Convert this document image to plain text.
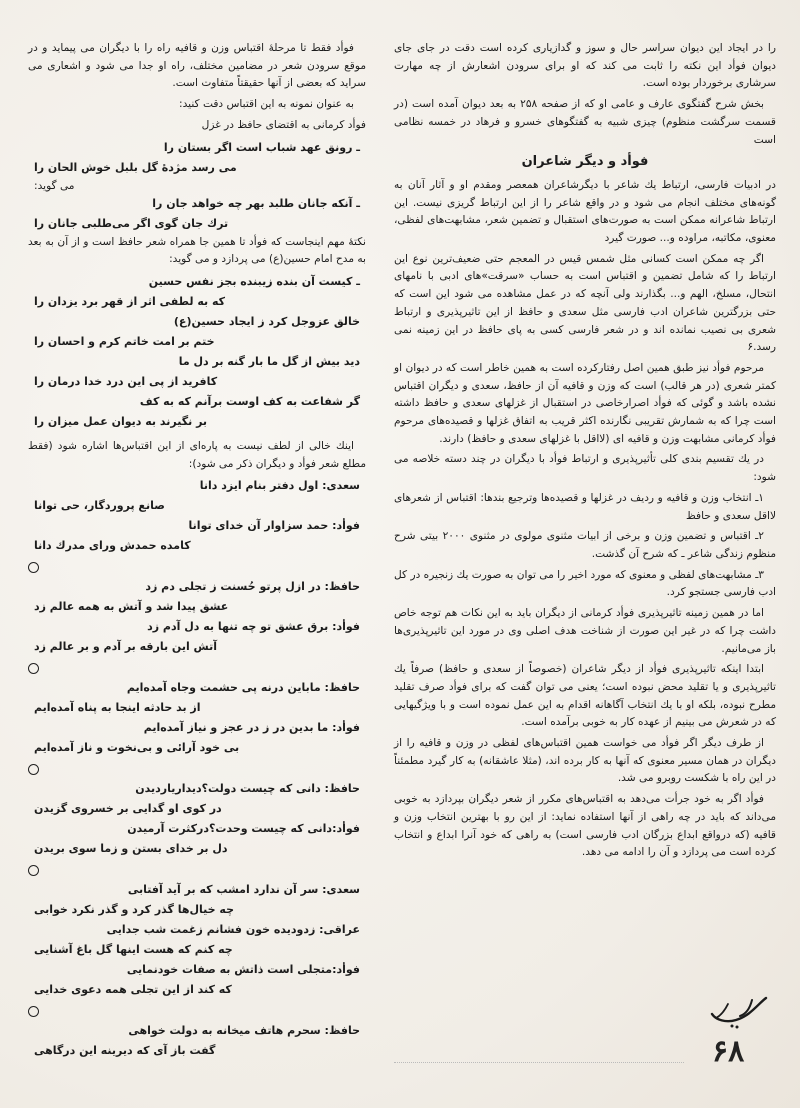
را در ایجاد این دیوان سراسر حال و سوز و گدازیاری کرده است دقت در جای جای دیوان فوأد این نکته را ثابت می کند که او برای سرودن اشعارش از چه مهارت سرشاری برخوردار بوده است.

بخش شرح گفتگوی عارف و عامی او که از صفحه ۲۵۸ به بعد دیوان آمده است (در قسمت سرگشت منظوم) چیزی شبیه به گفتگوهای خسرو و فرهاد در خمسه نظامی است

فوأد و دیگر شاعران

در ادبیات فارسی، ارتباط یك شاعر با دیگرشاعران همعصر ومقدم او و آثار آنان به گونه‌های مختلف انجام می شود و در واقع شاعر را از این ارتباط گریزی نیست. این ارتباط شاعرانه ممکن است به صورت‌های استقبال و تضمین شعر، مشابهت‌های لفظی، معنوی، مکاتبه، مراوده و... صورت گیرد

اگر چه ممکن است کسانی مثل شمس قیس در المعجم حتی ضعیف‌ترین نوع این ارتباط را که شامل تضمین و اقتباس است به حساب «سرقت»های ادبی با نامهای انتحال، مسلخ، الهم و... بگذارند ولی آنچه که در عمل مشاهده می شود این است که حتی بزرگترین شاعران ادب فارسی مثل سعدی و حافظ از این تاثیرپذیری و ارتباط شعری بی نصیب نمانده اند و در شعر فارسی کسی به پای حافظ در این زمینه نمی رسد.۶

مرحوم فوأد نیز طبق همین اصل رفتارکرده است به همین خاطر است که در دیوان او کمتر شعری (در هر قالب) است که وزن و قافیه آن از حافظ، سعدی و دیگران اقتباس نشده باشد و گوئی که فوأد اصرارخاصی در استقبال از غزلهای سعدی و حافظ داشته است چرا که به شمارش تقریبی نگارنده اکثر قریب به اتفاق غزلها و قصیده‌های مرحوم فوأد کرمانی مشابهت وزن و قافیه ای (لااقل با غزلهای سعدی و حافظ) دارند.

در یك تقسیم بندی کلی تأثیرپذیری و ارتباط فوأد با دیگران در چند دسته خلاصه می شود:

۱ـ انتخاب وزن و قافیه و ردیف در غزلها و قصیده‌ها وترجیع بندها: اقتباس از شعرهای لااقل سعدی و حافظ

۲ـ اقتباس و تضمین وزن و برخی از ابیات مثنوی مولوی در مثنوی ۲۰۰۰ بیتی شرح منظوم زندگی شاعر ـ که شرح آن گذشت.

۳ـ مشابهت‌های لفظی و معنوی که مورد اخیر را می توان به صورت یك زنجیره در کل ادب فارسی جستجو کرد.

اما در همین زمینه تاثیرپذیری فوأد کرمانی از دیگران باید به این نکات هم توجه خاص داشت چرا که در غیر این صورت از شناخت هدف اصلی وی در مورد این تاثیرپذیری‌ها باز می‌مانیم.

ابتدا اینکه تاثیرپذیری فوأد از دیگر شاعران (خصوصاً از سعدی و حافظ) صرفاً یك تاثیرپذیری و یا تقلید محض نبوده است؛ یعنی می توان گفت که برای فوأد صرف تقلید مطرح نبوده، بلکه او با یك انتخاب آگاهانه اقدام به این عمل نموده است و با ویژگیهایی که در شعرش می بینیم از عهده کار به خوبی برآمده است.

از طرف دیگر اگر فوأد می خواست همین اقتباس‌های لفظی در وزن و قافیه را از دیگران در همان مسیر معنوی که آنها به کار برده اند، (مثلا عاشقانه) به کار گیرد مطمئناً در این راه با شکست روبرو می شد.

فوأد اگر به خود جرأت می‌دهد به اقتباس‌های مکرر از شعر دیگران بپردازد به خوبی می‌داند که باید در چه راهی از آنها استفاده نماید: از این رو با بهترین انتخاب وزن و قافیه (که درواقع ابداع بزرگان ادب فارسی است) به راهی که خود آنرا ابداع و انتخاب کرده است می پردازد و آن را ادامه می دهد.

فوأد فقط تا مرحلهٔ اقتباس وزن و قافیه راه را با دیگران می پیماید و در موقع سرودن شعر در مضامین مختلف، راه او جدا می شود و اشعاری می سراید که بعضی از آنها حقیقتاً متفاوت است.

به عنوان نمونه به این اقتباس دقت کنید:

فوأد کرمانی به اقتضای حافظ در غزل

ـ رونق عهد شباب است اگر بستان را
می رسد مژدهٔ گل بلبل خوش الحان را
می گوید:
ـ آنکه جانان طلبد بهر چه خواهد جان را
ترك جان گوی اگر می‌طلبی جانان را

نکتهٔ مهم اینجاست که فوأد تا همین جا همراه شعر حافظ است و از آن به بعد به مدح امام حسین(ع) می پردازد و می گوید:

ـ کیست آن بنده زیبنده بجز نفس حسین
که به لطفی اثر از قهر برد یزدان را
خالق عزوجل کرد ز ایجاد حسین(ع)
ختم بر امت خاتم کرم و احسان را
دید بیش از گل ما بار گنه بر دل ما
کافرید از پی این درد خدا درمان را
گر شفاعت به کف اوست برآنم که به کف
بر نگیرند به دیوان عمل میزان را

اینك خالی از لطف نیست به پاره‌ای از این اقتباس‌ها اشاره شود (فقط مطلع شعر فوأد و دیگران ذکر می شود):

سعدی: اول دفتر بنام ایزد دانا
صانع پروردگار، حی توانا
فوأد: حمد سزاوار آن خدای توانا
کامده حمدش ورای مدرك دانا
حافظ: در ازل پرتو حُسنت ز تجلی دم زد
عشق پیدا شد و آتش به همه عالم زد
فوأد: برق عشق تو چه تنها به دل آدم زد
آتش این بارقه بر آدم و بر عالم زد
حافظ: ماباین درنه پی حشمت وجاه آمده‌ایم
از بد حادثه اینجا به پناه آمده‌ایم
فوأد: ما بدین در ز در عجز و نیاز آمده‌ایم
بی خود آرائی و بی‌نخوت و ناز آمده‌ایم
حافظ: دانی که چیست دولت؟دیداریاردیدن
در کوی او گدایی بر خسروی گزیدن
فوأد:دانی که چیست وحدت؟درکثرت آرمیدن
دل بر خدای بستن و زما سوی بریدن
سعدی: سر آن ندارد امشب که بر آید آفتابی
چه خیال‌ها گذر کرد و گذر نکرد خوابی
عراقی: زدودیده خون فشانم زغمت شب جدایی
چه کنم که هست اینها گل باغ آشنایی
فوأد:متجلی است ذاتش به صفات خودنمایی
که کند از این تجلی همه دعوی خدایی
حافظ: سحرم هاتف میخانه به دولت خواهی
گفت باز آی که دیرینه این درگاهی	۶۸
